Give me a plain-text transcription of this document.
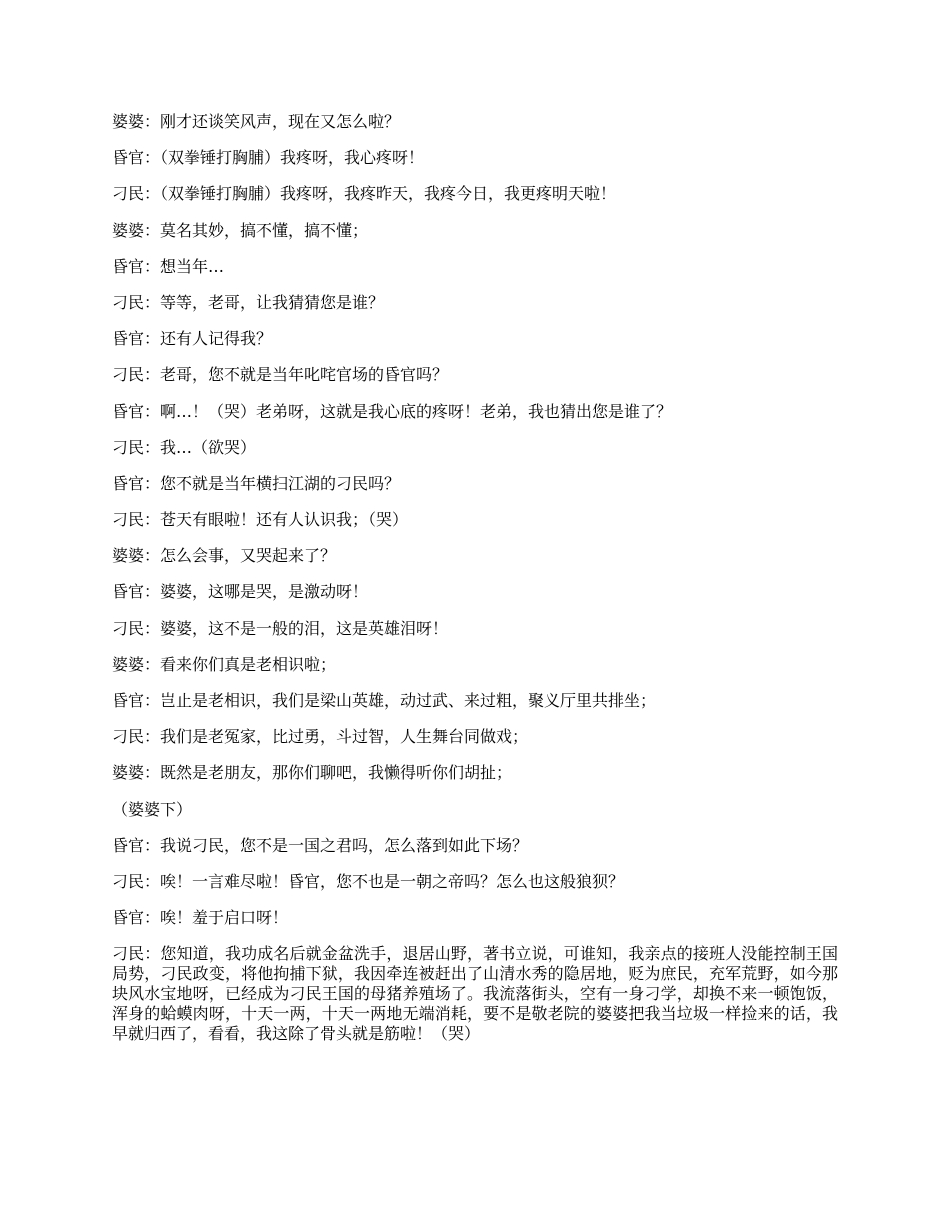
婆婆：刚才还谈笑风声，现在又怎么啦？

昏官：（双拳锤打胸脯）我疼呀，我心疼呀！

刁民：（双拳锤打胸脯）我疼呀，我疼昨天，我疼今日，我更疼明天啦！

婆婆：莫名其妙，搞不懂，搞不懂；

昏官：想当年…

刁民：等等，老哥，让我猜猜您是谁？

昏官：还有人记得我？

刁民：老哥，您不就是当年叱咤官场的昏官吗？

昏官：啊…！（哭）老弟呀，这就是我心底的疼呀！老弟，我也猜出您是谁了？

刁民：我…（欲哭）

昏官：您不就是当年横扫江湖的刁民吗？

刁民：苍天有眼啦！还有人认识我；（哭）

婆婆：怎么会事，又哭起来了？

昏官：婆婆，这哪是哭，是激动呀！

刁民：婆婆，这不是一般的泪，这是英雄泪呀！

婆婆：看来你们真是老相识啦；

昏官：岂止是老相识，我们是梁山英雄，动过武、来过粗，聚义厅里共排坐；

刁民：我们是老冤家，比过勇，斗过智，人生舞台同做戏；

婆婆：既然是老朋友，那你们聊吧，我懒得听你们胡扯；

（婆婆下）

昏官：我说刁民，您不是一国之君吗，怎么落到如此下场？

刁民：唉！一言难尽啦！昏官，您不也是一朝之帝吗？怎么也这般狼狈？

昏官：唉！羞于启口呀！

刁民：您知道，我功成名后就金盆洗手，退居山野，著书立说，可谁知，我亲点的接班人没能控制王国局势，刁民政变，将他拘捕下狱，我因牵连被赶出了山清水秀的隐居地，贬为庶民，充军荒野，如今那块风水宝地呀，已经成为刁民王国的母猪养殖场了。我流落街头，空有一身刁学，却换不来一顿饱饭，浑身的蛤蟆肉呀，十天一两，十天一两地无端消耗，要不是敬老院的婆婆把我当垃圾一样捡来的话，我早就归西了，看看，我这除了骨头就是筋啦！（哭）
